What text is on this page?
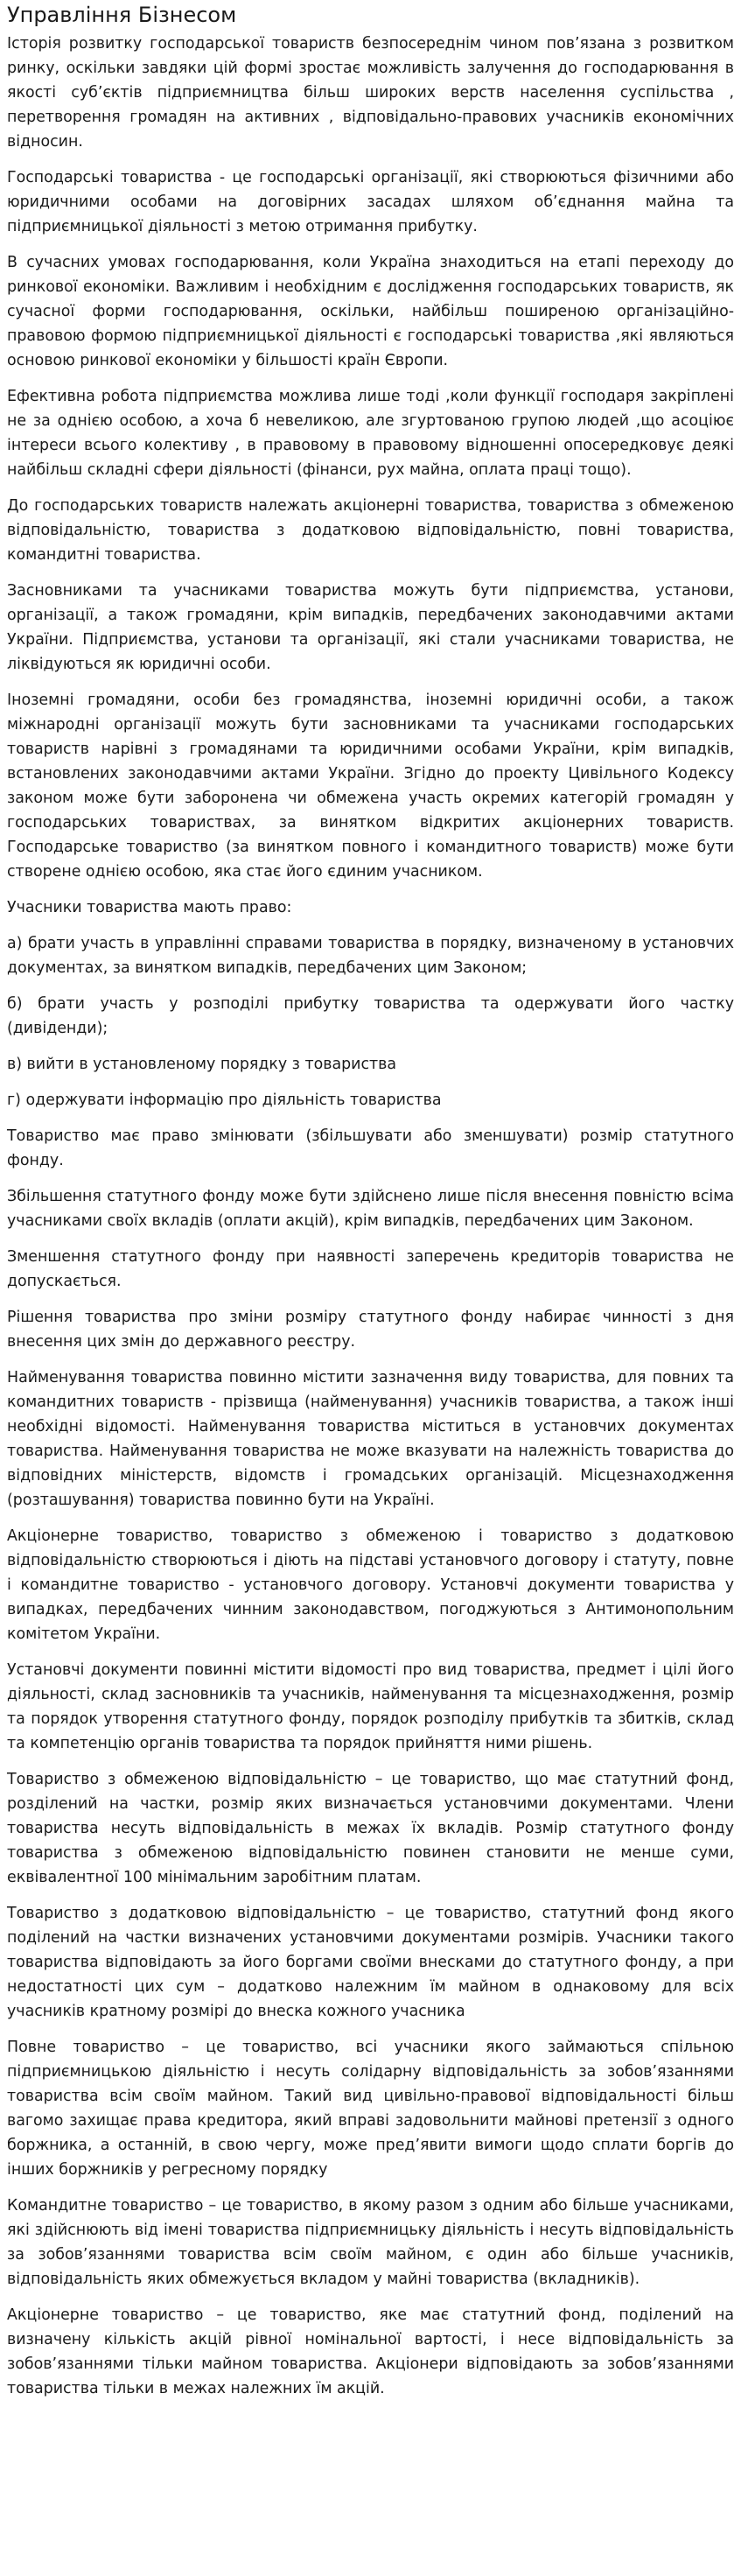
Управління Бізнесом

Історія розвитку господарської товариств безпосереднім чином пов’язана з розвитком ринку, оскільки завдяки цій формі зростає можливість залучення до господарювання в якості суб’єктів підприємництва більш широких верств населення суспільства , перетворення громадян на активних , відповідально-правових учасників економічних відносин.

Господарські товариства - це господарські організації, які створюються фізичними або юридичними особами на договірних засадах шляхом об’єднання майна та підприємницької діяльності з метою отримання прибутку.

В сучасних умовах господарювання, коли Україна знаходиться на етапі переходу до ринкової економіки. Важливим і необхідним є дослідження господарських товариств, як сучасної форми господарювання, оскільки, найбільш поширеною організаційно-правовою формою підприємницької діяльності є господарські товариства ,які являються основою ринкової економіки у більшості країн Європи.

Ефективна робота підприємства можлива лише тоді ,коли функції господаря закріплені не за однією особою, а хоча б невеликою, але згуртованою групою людей ,що асоціює інтереси всього колективу , в правовому в правовому відношенні опосередковує деякі найбільш складні сфери діяльності (фінанси, рух майна, оплата праці тощо).

До господарських товариств належать акціонерні товариства, товариства з обмеженою відповідальністю, товариства з додатковою відповідальністю, повні товариства, командитні товариства.

Засновниками та учасниками товариства можуть бути підприємства, установи, організації, а також громадяни, крім випадків, передбачених законодавчими актами України. Підприємства, установи та організації, які стали учасниками товариства, не ліквідуються як юридичні особи.

Іноземні громадяни, особи без громадянства, іноземні юридичні особи, а також міжнародні організації можуть бути засновниками та учасниками господарських товариств нарівні з громадянами та юридичними особами України, крім випадків, встановлених законодавчими актами України. Згідно до проекту Цивільного Кодексу законом може бути заборонена чи обмежена участь окремих категорій громадян у господарських товариствах, за винятком відкритих акціонерних товариств. Господарське товариство (за винятком повного і командитного товариств) може бути створене однією особою, яка стає його єдиним учасником.

Учасники товариства мають право:

а) брати участь в управлінні справами товариства в порядку, визначеному в установчих документах, за винятком випадків, передбачених цим Законом;

б) брати участь у розподілі прибутку товариства та одержувати його частку (дивіденди);

в) вийти в установленому порядку з товариства

г) одержувати інформацію про діяльність товариства

Товариство має право змінювати (збільшувати або зменшувати) розмір статутного фонду.

Збільшення статутного фонду може бути здійснено лише після внесення повністю всіма учасниками своїх вкладів (оплати акцій), крім випадків, передбачених цим Законом.

Зменшення статутного фонду при наявності заперечень кредиторів товариства не допускається.

Рішення товариства про зміни розміру статутного фонду набирає чинності з дня внесення цих змін до державного реєстру.

Найменування товариства повинно містити зазначення виду товариства, для повних та командитних товариств - прізвища (найменування) учасників товариства, а також інші необхідні відомості. Найменування товариства міститься в установчих документах товариства. Найменування товариства не може вказувати на належність товариства до відповідних міністерств, відомств і громадських організацій. Місцезнаходження (розташування) товариства повинно бути на Україні.

Акціонерне товариство, товариство з обмеженою і товариство з додатковою відповідальністю створюються і діють на підставі установчого договору і статуту, повне і командитне товариство - установчого договору. Установчі документи товариства у випадках, передбачених чинним законодавством, погоджуються з Антимонопольним комітетом України.

Установчі документи повинні містити відомості про вид товариства, предмет і цілі його діяльності, склад засновників та учасників, найменування та місцезнаходження, розмір та порядок утворення статутного фонду, порядок розподілу прибутків та збитків, склад та компетенцію органів товариства та порядок прийняття ними рішень.

Товариство з обмеженою відповідальністю – це товариство, що має статутний фонд, розділений на частки, розмір яких визначається установчими документами. Члени товариства несуть відповідальність в межах їх вкладів. Розмір статутного фонду товариства з обмеженою відповідальністю повинен становити не менше суми, еквівалентної 100 мінімальним заробітним платам.

Товариство з додатковою відповідальністю – це товариство, статутний фонд якого поділений на частки визначених установчими документами розмірів. Учасники такого товариства відповідають за його боргами своїми внесками до статутного фонду, а при недостатності цих сум – додатково належним їм майном в однаковому для всіх учасників кратному розмірі до внеска кожного учасника

Повне товариство – це товариство, всі учасники якого займаються спільною підприємницькою діяльністю і несуть солідарну відповідальність за зобов’язаннями товариства всім своїм майном. Такий вид цивільно-правової відповідальності більш вагомо захищає права кредитора, який вправі задовольнити майнові претензії з одного боржника, а останній, в свою чергу, може пред’явити вимоги щодо сплати боргів до інших боржників у регресному порядку

Командитне товариство – це товариство, в якому разом з одним або більше учасниками, які здійснюють від імені товариства підприємницьку діяльність і несуть відповідальність за зобов’язаннями товариства всім своїм майном, є один або більше учасників, відповідальність яких обмежується вкладом у майні товариства (вкладників).

Акціонерне товариство – це товариство, яке має статутний фонд, поділений на визначену кількість акцій рівної номінальної вартості, і несе відповідальність за зобов’язаннями тільки майном товариства. Акціонери відповідають за зобов’язаннями товариства тільки в межах належних їм акцій.
